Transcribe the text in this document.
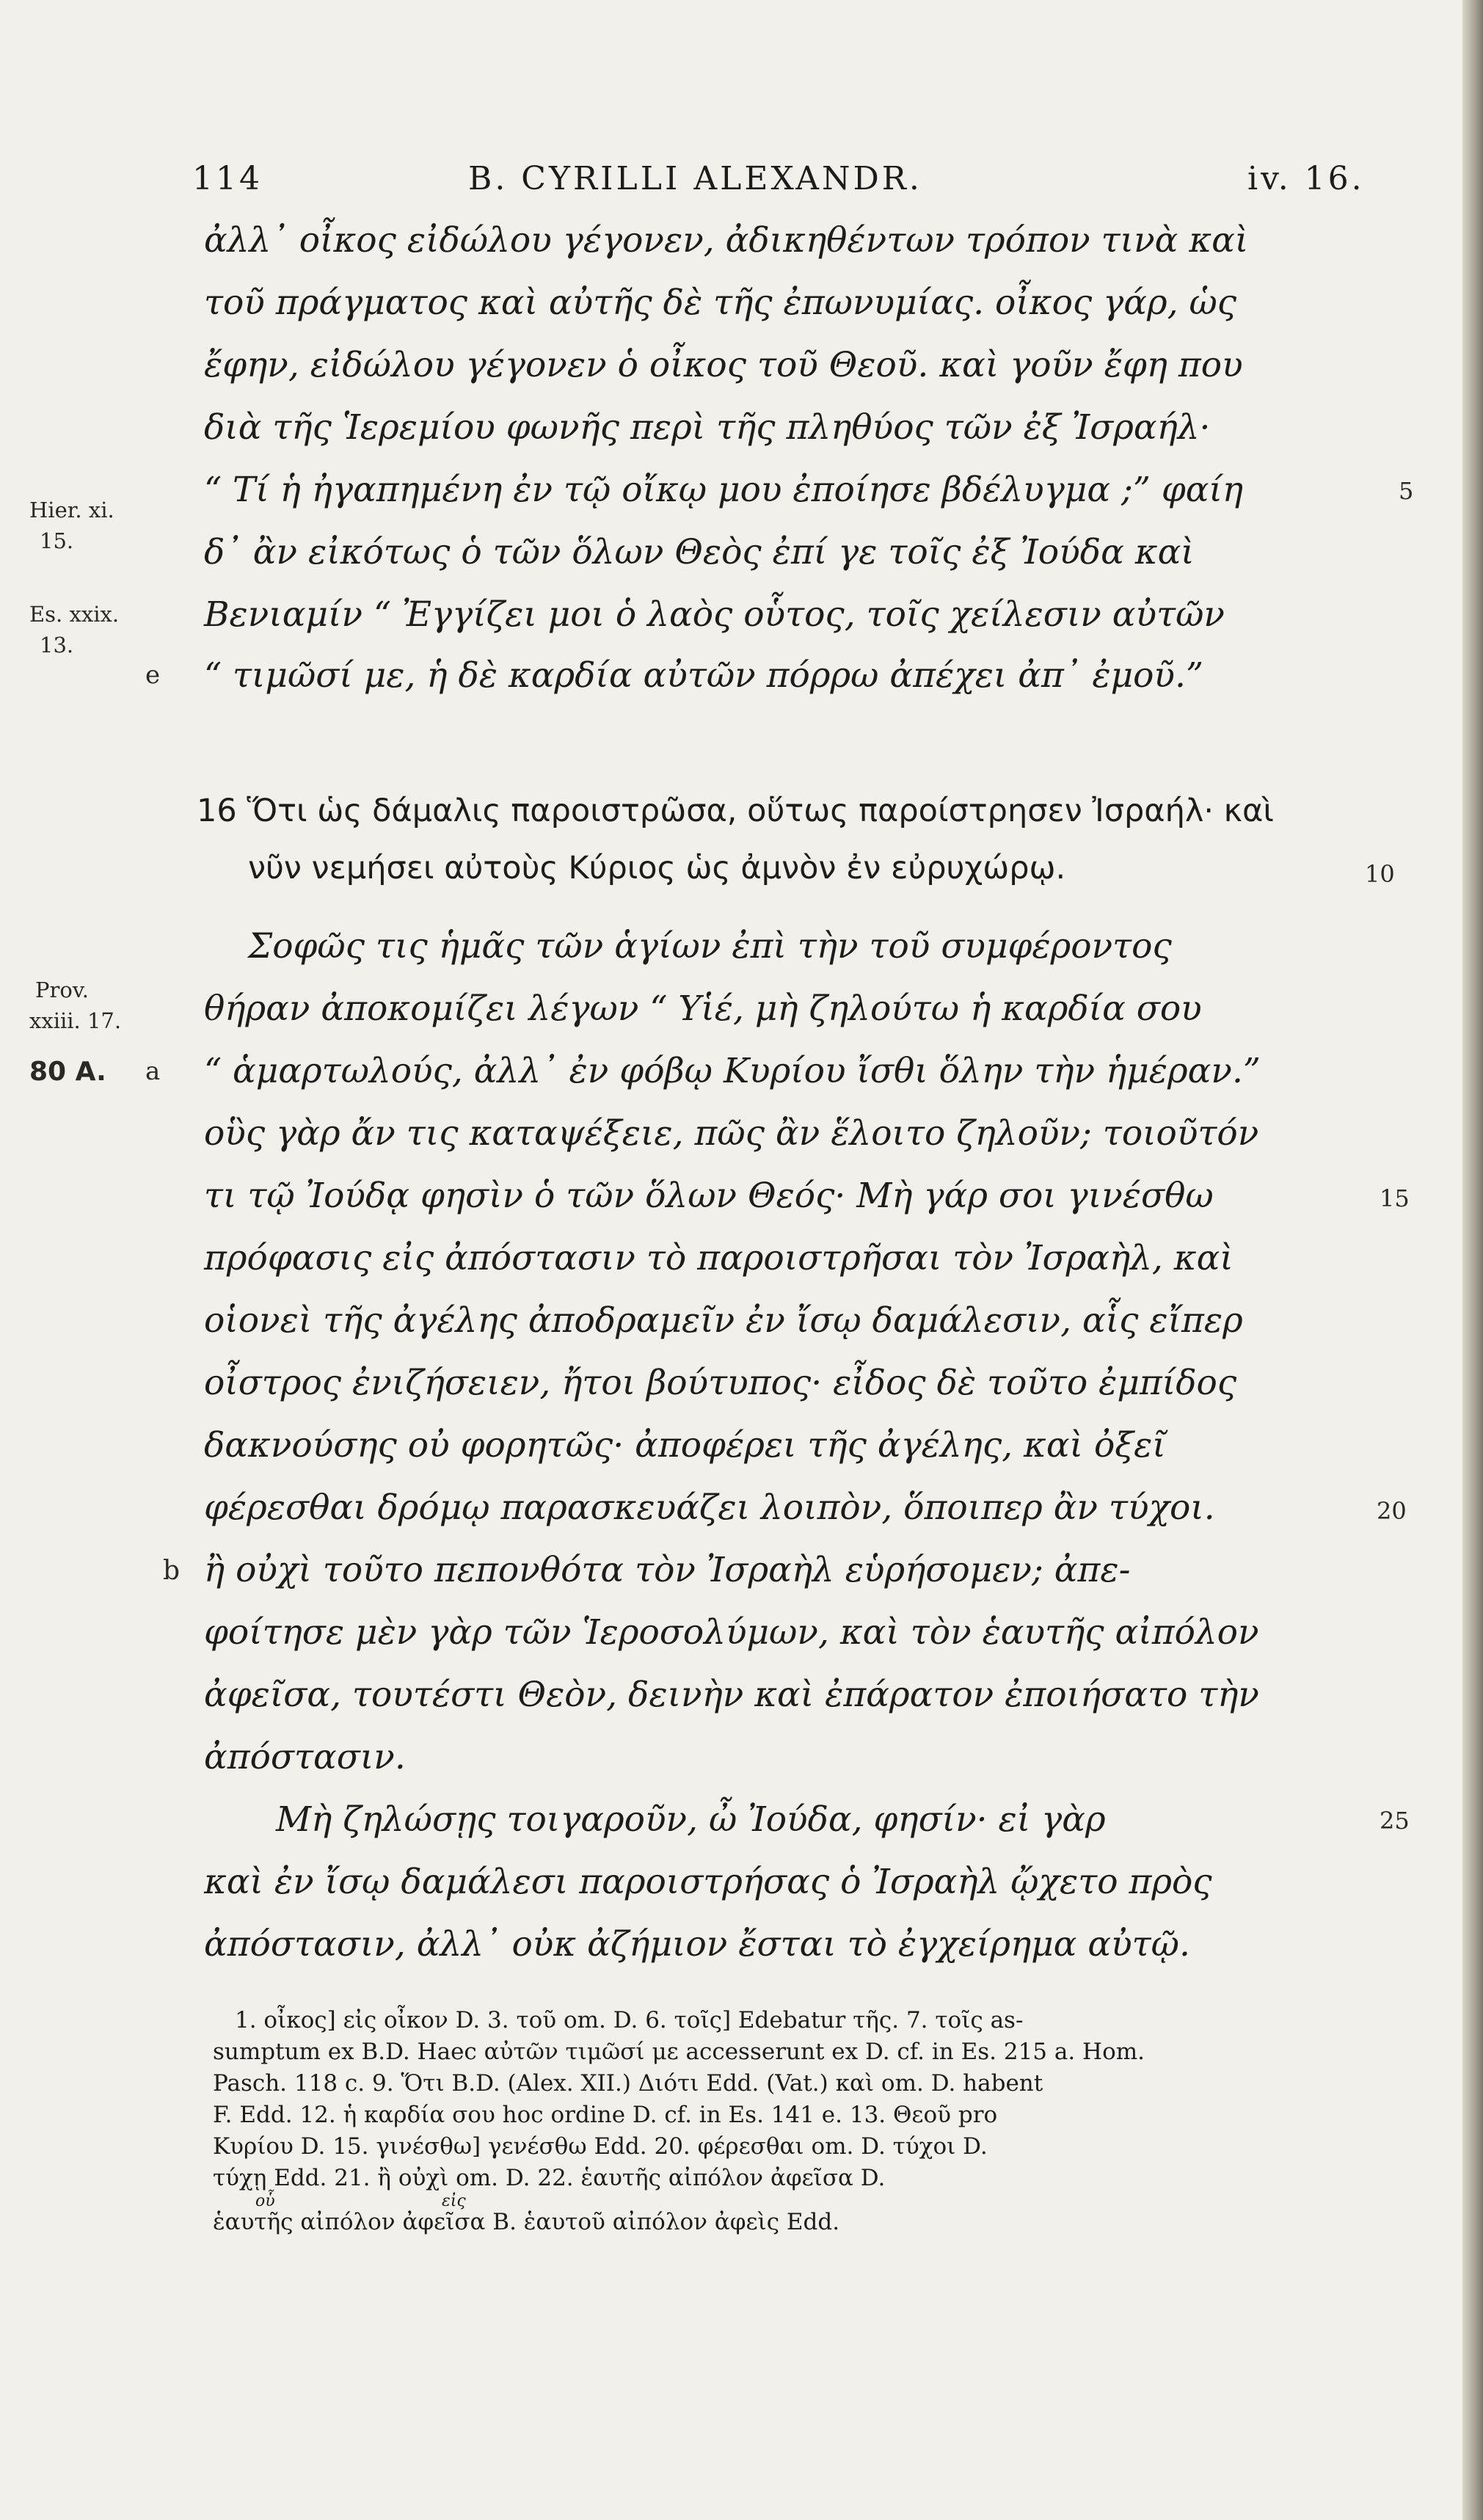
114	B. CYRILLI ALEXANDR.	iv. 16.
ἀλλ᾽ οἶκος εἰδώλου γέγονεν, ἀδικηθέντων τρόπον τινὰ καὶ
τοῦ πράγματος καὶ αὐτῆς δὲ τῆς ἐπωνυμίας. οἶκος γάρ, ὡς
ἔφην, εἰδώλου γέγονεν ὁ οἶκος τοῦ Θεοῦ. καὶ γοῦν ἔφη που
διὰ τῆς Ἱερεμίου φωνῆς περὶ τῆς πληθύος τῶν ἐξ Ἰσραήλ·
“ Τί ἡ ἠγαπημένη ἐν τῷ οἴκῳ μου ἐποίησε βδέλυγμα ;” φαίη
δ᾽ ἂν εἰκότως ὁ τῶν ὅλων Θεὸς ἐπί γε τοῖς ἐξ Ἰούδα καὶ
Βενιαμίν “ Ἐγγίζει μοι ὁ λαὸς οὗτος, τοῖς χείλεσιν αὐτῶν
“ τιμῶσί με, ἡ δὲ καρδία αὐτῶν πόρρω ἀπέχει ἀπ᾽ ἐμοῦ.”
16 Ὅτι ὡς δάμαλις παροιστρῶσα, οὕτως παροίστρησεν Ἰσραήλ· καὶ
νῦν νεμήσει αὐτοὺς Κύριος ὡς ἀμνὸν ἐν εὐρυχώρῳ.
Σοφῶς τις ἡμᾶς τῶν ἁγίων ἐπὶ τὴν τοῦ συμφέροντος
θήραν ἀποκομίζει λέγων “ Υἱέ, μὴ ζηλούτω ἡ καρδία σου
“ ἁμαρτωλούς, ἀλλ᾽ ἐν φόβῳ Κυρίου ἴσθι ὅλην τὴν ἡμέραν.”
οὓς γὰρ ἄν τις καταψέξειε, πῶς ἂν ἕλοιτο ζηλοῦν; τοιοῦτόν
τι τῷ Ἰούδᾳ φησὶν ὁ τῶν ὅλων Θεός· Μὴ γάρ σοι γινέσθω
πρόφασις εἰς ἀπόστασιν τὸ παροιστρῆσαι τὸν Ἰσραὴλ, καὶ
οἱονεὶ τῆς ἀγέλης ἀποδραμεῖν ἐν ἴσῳ δαμάλεσιν, αἷς εἴπερ
οἶστρος ἐνιζήσειεν, ἤτοι βούτυπος· εἶδος δὲ τοῦτο ἐμπίδος
δακνούσης οὐ φορητῶς· ἀποφέρει τῆς ἀγέλης, καὶ ὀξεῖ
φέρεσθαι δρόμῳ παρασκευάζει λοιπὸν, ὅποιπερ ἂν τύχοι.
ἢ οὐχὶ τοῦτο πεπονθότα τὸν Ἰσραὴλ εὑρήσομεν; ἀπε-
φοίτησε μὲν γὰρ τῶν Ἱεροσολύμων, καὶ τὸν ἑαυτῆς αἰπόλον
ἀφεῖσα, τουτέστι Θεὸν, δεινὴν καὶ ἐπάρατον ἐποιήσατο τὴν
ἀπόστασιν.
Μὴ ζηλώσῃς τοιγαροῦν, ὦ Ἰούδα, φησίν· εἰ γὰρ
καὶ ἐν ἴσῳ δαμάλεσι παροιστρήσας ὁ Ἰσραὴλ ᾤχετο πρὸς
ἀπόστασιν, ἀλλ᾽ οὐκ ἀζήμιον ἔσται τὸ ἐγχείρημα αὐτῷ.
Hier. xi.
15.
Es. xxix.
13.
e
Prov.
xxiii. 17.
80 A. a
b
5
10
15
20
25
1. οἶκος] εἰς οἶκον D. 3. τοῦ om. D. 6. τοῖς] Edebatur τῆς. 7. τοῖς as-
sumptum ex B.D. Haec αὐτῶν τιμῶσί με accesserunt ex D. cf. in Es. 215 a. Hom.
Pasch. 118 c. 9. Ὅτι B.D. (Alex. XII.) Διότι Edd. (Vat.) καὶ om. D. habent
F. Edd. 12. ἡ καρδία σου hoc ordine D. cf. in Es. 141 e. 13. Θεοῦ pro
Κυρίου D. 15. γινέσθω] γενέσθω Edd. 20. φέρεσθαι om. D. τύχοι D.
τύχῃ Edd. 21. ἢ οὐχὶ om. D. 22. ἑαυτῆς αἰπόλον ἀφεῖσα D.
οὗ	εἰς
ἑαυτῆς αἰπόλον ἀφεῖσα B. ἑαυτοῦ αἰπόλον ἀφεὶς Edd.
